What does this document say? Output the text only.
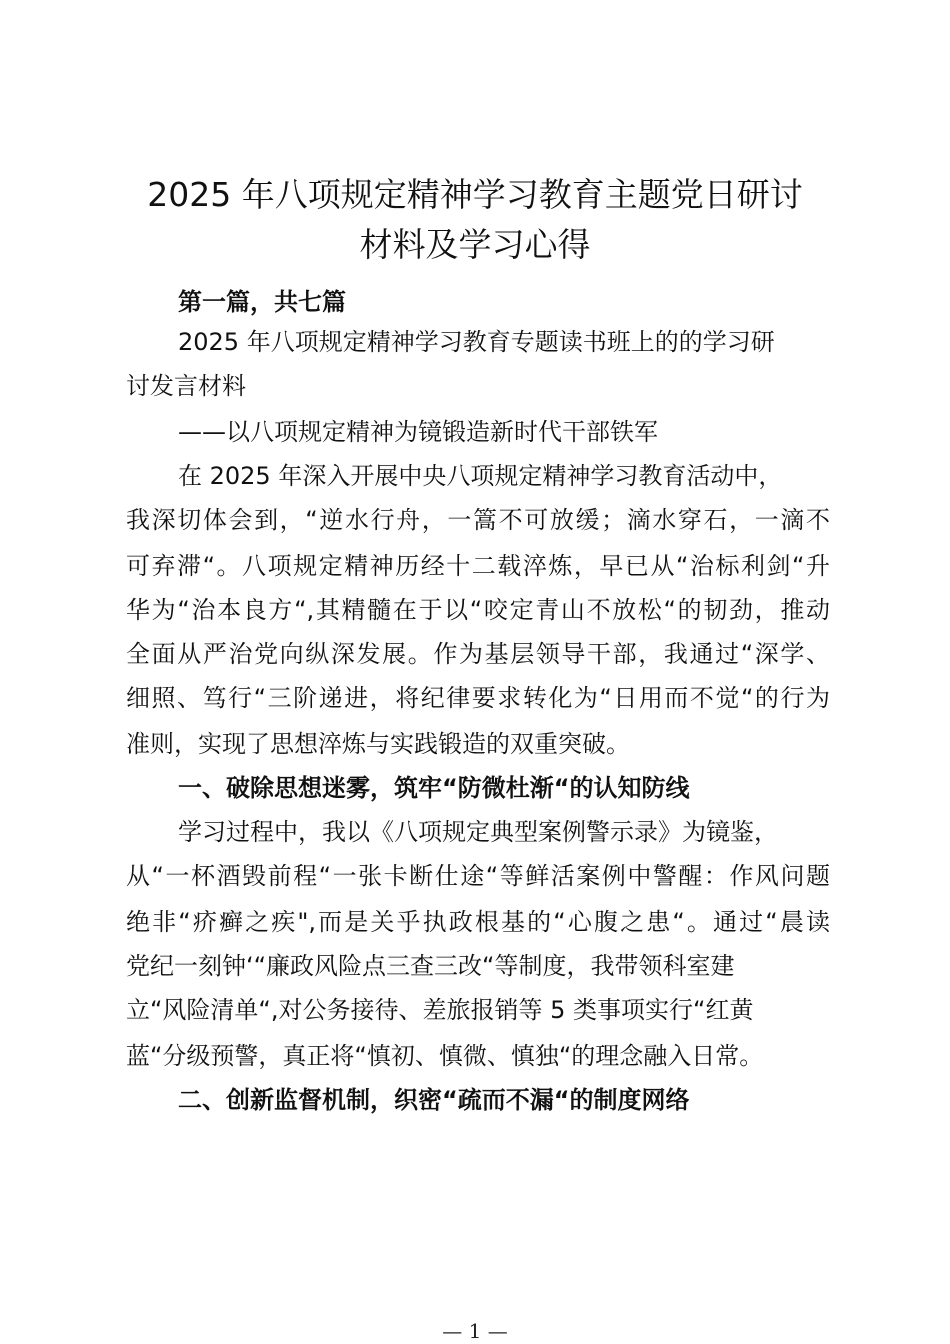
2025 年八项规定精神学习教育主题党日研讨
材料及学习心得

第一篇，共七篇

2025 年八项规定精神学习教育专题读书班上的的学习研

讨发言材料

——以八项规定精神为镜锻造新时代干部铁军

在 2025 年深入开展中央八项规定精神学习教育活动中，

我深切体会到，“逆水行舟，一篙不可放缓；滴水穿石，一滴不

可弃滞“。八项规定精神历经十二载淬炼，早已从“治标利剑“升

华为“治本良方“,其精髓在于以“咬定青山不放松“的韧劲，推动

全面从严治党向纵深发展。作为基层领导干部，我通过“深学、

细照、笃行“三阶递进，将纪律要求转化为“日用而不觉“的行为

准则，实现了思想淬炼与实践锻造的双重突破。

一、破除思想迷雾，筑牢“防微杜渐“的认知防线

学习过程中，我以《八项规定典型案例警示录》为镜鉴，

从“一杯酒毁前程“一张卡断仕途“等鲜活案例中警醒：作风问题

绝非“疥癣之疾",而是关乎执政根基的“心腹之患“。通过“晨读

党纪一刻钟‘“廉政风险点三查三改“等制度，我带领科室建

立“风险清单“,对公务接待、差旅报销等 5 类事项实行“红黄

蓝“分级预警，真正将“慎初、慎微、慎独“的理念融入日常。

二、创新监督机制，织密“疏而不漏“的制度网络

— 1 —
